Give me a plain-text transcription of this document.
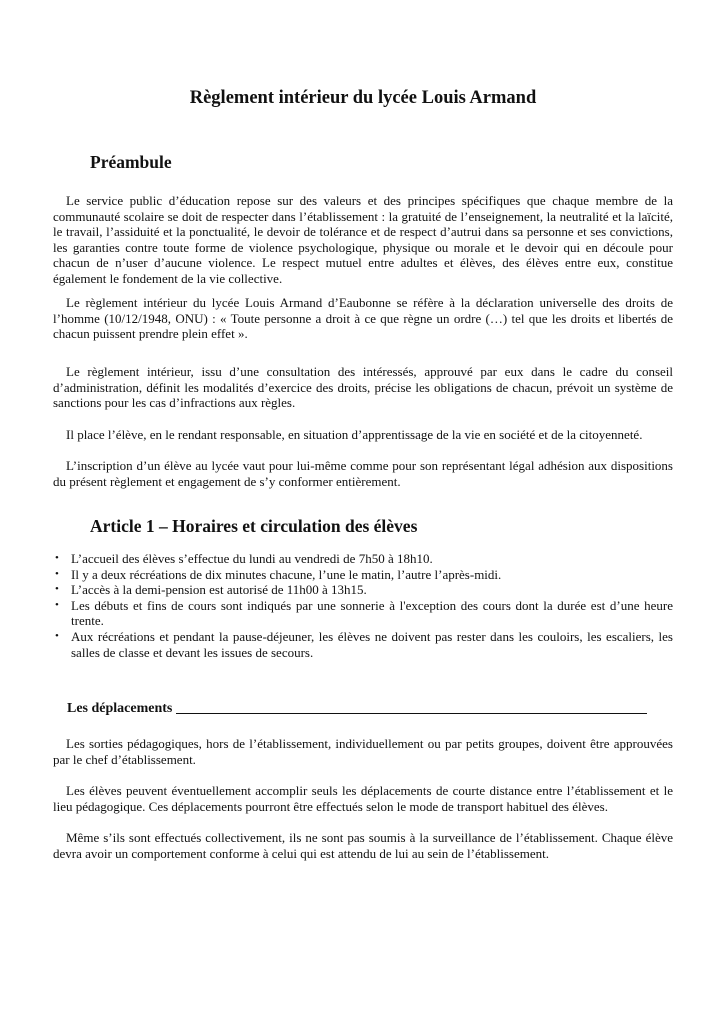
Règlement intérieur du lycée Louis Armand
Préambule

Le service public d’éducation repose sur des valeurs et des principes spécifiques que chaque membre de la communauté scolaire se doit de respecter dans l’établissement : la gratuité de l’enseignement, la neutralité et la laïcité, le travail, l’assiduité et la ponctualité, le devoir de tolérance et de respect d’autrui dans sa personne et ses convictions, les garanties contre toute forme de violence psychologique, physique ou morale et le devoir qui en découle pour chacun de n’user d’aucune violence. Le respect mutuel entre adultes et élèves, des élèves entre eux, constitue également le fondement de la vie collective.

Le règlement intérieur du lycée Louis Armand d’Eaubonne se réfère à la déclaration universelle des droits de l’homme (10/12/1948, ONU) : « Toute personne a droit à ce que règne un ordre (…) tel que les droits et libertés de chacun puissent prendre plein effet ».

Le règlement intérieur, issu d’une consultation des intéressés, approuvé par eux dans le cadre du conseil d’administration, définit les modalités d’exercice des droits, précise les obligations de chacun, prévoit un système de sanctions pour les cas d’infractions aux règles.

Il place l’élève, en le rendant responsable, en situation d’apprentissage de la vie en société et de la citoyenneté.

L’inscription d’un élève au lycée vaut pour lui-même comme pour son représentant légal adhésion aux dispositions du présent règlement et engagement de s’y conformer entièrement.

Article 1 – Horaires et circulation des élèves
• L’accueil des élèves s’effectue du lundi au vendredi de 7h50 à 18h10.
• Il y a deux récréations de dix minutes chacune, l’une le matin, l’autre l’après-midi.
• L’accès à la demi-pension est autorisé de 11h00 à 13h15.
• Les débuts et fins de cours sont indiqués par une sonnerie à l'exception des cours dont la durée est d’une heure trente.
• Aux récréations et pendant la pause-déjeuner, les élèves ne doivent pas rester dans les couloirs, les escaliers, les salles de classe et devant les issues de secours.
Les déplacements

Les sorties pédagogiques, hors de l’établissement, individuellement ou par petits groupes, doivent être approuvées par le chef d’établissement.

Les élèves peuvent éventuellement accomplir seuls les déplacements de courte distance entre l’établissement et le lieu pédagogique. Ces déplacements pourront être effectués selon le mode de transport habituel des élèves.

Même s’ils sont effectués collectivement, ils ne sont pas soumis à la surveillance de l’établissement. Chaque élève devra avoir un comportement conforme à celui qui est attendu de lui au sein de l’établissement.
